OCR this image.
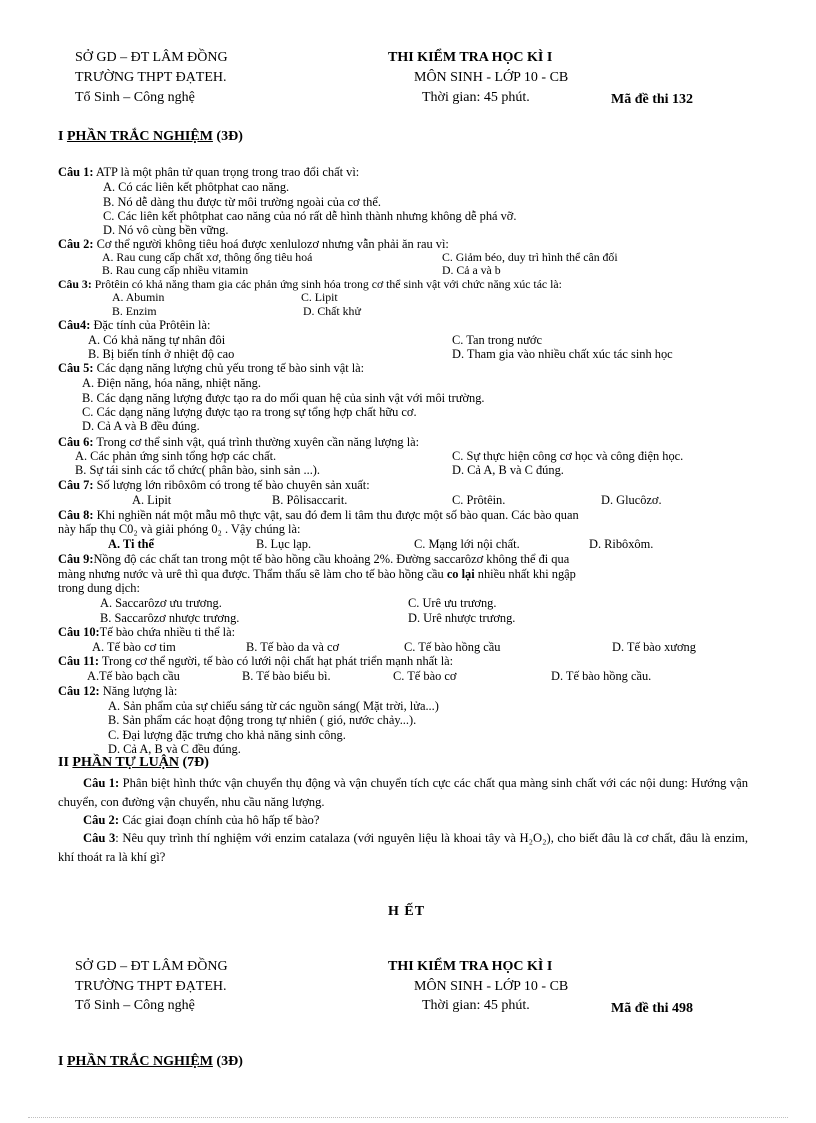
SỞ GD – ĐT LÂM ĐỒNG
TRƯỜNG THPT ĐẠTEH.
Tổ Sinh – Công nghệ
THI KIỂM TRA HỌC KÌ I
MÔN SINH - LỚP 10 - CB
Thời gian: 45 phút.	Mã đề thi 132
I PHẦN TRẮC NGHIỆM (3Đ)
Câu 1: ATP là một phân tử quan trọng trong trao đổi chất vì:
A. Có các liên kết phôtphat cao năng.
B. Nó dễ dàng thu được từ môi trường ngoài của cơ thể.
C. Các liên kết phôtphat cao năng của nó rất dễ hình thành nhưng không dễ phá vỡ.
D. Nó vô cùng bền vững.
Câu 2: Cơ thể người không tiêu hoá được xenlulozơ nhưng vẫn phải ăn rau vì:
A. Rau cung cấp chất xơ, thông ống tiêu hoá	C. Giảm béo, duy trì hình thể cân đối
B. Rau cung cấp nhiều vitamin	D. Cả a và b
Câu 3: Prôtêin có khả năng tham gia các phản ứng sinh hóa trong cơ thể sinh vật với chức năng xúc tác là:
A. Abumin	C. Lipit
B. Enzim	D. Chất khử
Câu4: Đặc tính của Prôtêin là:
A. Có khả năng tự nhân đôi	C. Tan trong nước
B. Bị biến tính ở nhiệt độ cao	D. Tham gia vào nhiều chất xúc tác sinh học
Câu 5: Các dạng năng lượng chủ yếu trong tế bào sinh vật là:
A. Điện năng, hóa năng, nhiệt năng.
B. Các dạng năng lượng được tạo ra do mối quan hệ của sinh vật với môi trường.
C. Các dạng năng lượng được tạo ra trong sự tổng hợp chất hữu cơ.
D. Cả A và B đều đúng.
Câu 6: Trong cơ thể sinh vật, quá trình thường xuyên cần năng lượng là:
A. Các phản ứng sinh tổng hợp các chất.	C. Sự thực hiện công cơ học và công điện học.
B. Sự tái sinh các tổ chức( phân bào, sinh sản ...).	D. Cả A, B và C đúng.
Câu 7: Số lượng lớn ribôxôm có trong tế bào chuyên sản xuất:
A. Lipit	B. Pôlisaccarit.	C. Prôtêin.	D. Glucôzơ.
Câu 8: Khi nghiền nát một mẫu mô thực vật, sau đó đem li tâm thu được một số bào quan. Các bào quan
này hấp thụ C0₂ và giải phóng 0₂ . Vậy chúng là:
A. Ti thể	B. Lục lạp.	C. Mạng lới nội chất.	D. Ribôxôm.
Câu 9:Nồng độ các chất tan trong một tế bào hồng cầu khoảng 2%. Đường saccarôzơ không thể đi qua
màng nhưng nước và urê thì qua được. Thẩm thấu sẽ làm cho tế bào hồng cầu co lại nhiều nhất khi ngập
trong dung dịch:
A. Saccarôzơ ưu trương.	C. Urê ưu trương.
B. Saccarôzơ nhược trương.	D. Urê nhược trương.
Câu 10:Tế bào chứa nhiều ti thể là:
A. Tế bào cơ tim	B. Tế bào da và cơ	C. Tế bào hồng cầu	D. Tế bào xương
Câu 11: Trong cơ thể người, tế bào có lưới nội chất hạt phát triển mạnh nhất là:
A.Tế bào bạch cầu	B. Tế bào biểu bì.	C. Tế bào cơ	D. Tế bào hồng cầu.
Câu 12: Năng lượng là:
A. Sản phẩm của sự chiếu sáng từ các nguồn sáng( Mặt trời, lửa...)
B. Sản phẩm các hoạt động trong tự nhiên ( gió, nước chảy...).
C. Đại lượng đặc trưng cho khả năng sinh công.
D. Cả A, B và C đều đúng.
II PHẦN TỰ LUẬN (7Đ)
Câu 1: Phân biệt hình thức vận chuyển thụ động và vận chuyển tích cực các chất qua màng sinh chất với các nội dung: Hướng vận chuyển, con đường vận chuyển, nhu cầu năng lượng.
Câu 2: Các giai đoạn chính của hô hấp tế bào?
Câu 3: Nêu quy trình thí nghiệm với enzim catalaza (với nguyên liệu là khoai tây và H₂O₂), cho biết đâu là cơ chất, đâu là enzim, khí thoát ra là khí gì?
H ẾT
SỞ GD – ĐT LÂM ĐỒNG
TRƯỜNG THPT ĐẠTEH.
Tổ Sinh – Công nghệ
THI KIỂM TRA HỌC KÌ I
MÔN SINH - LỚP 10 - CB
Thời gian: 45 phút.	Mã đề thi 498
I PHẦN TRẮC NGHIỆM (3Đ)
